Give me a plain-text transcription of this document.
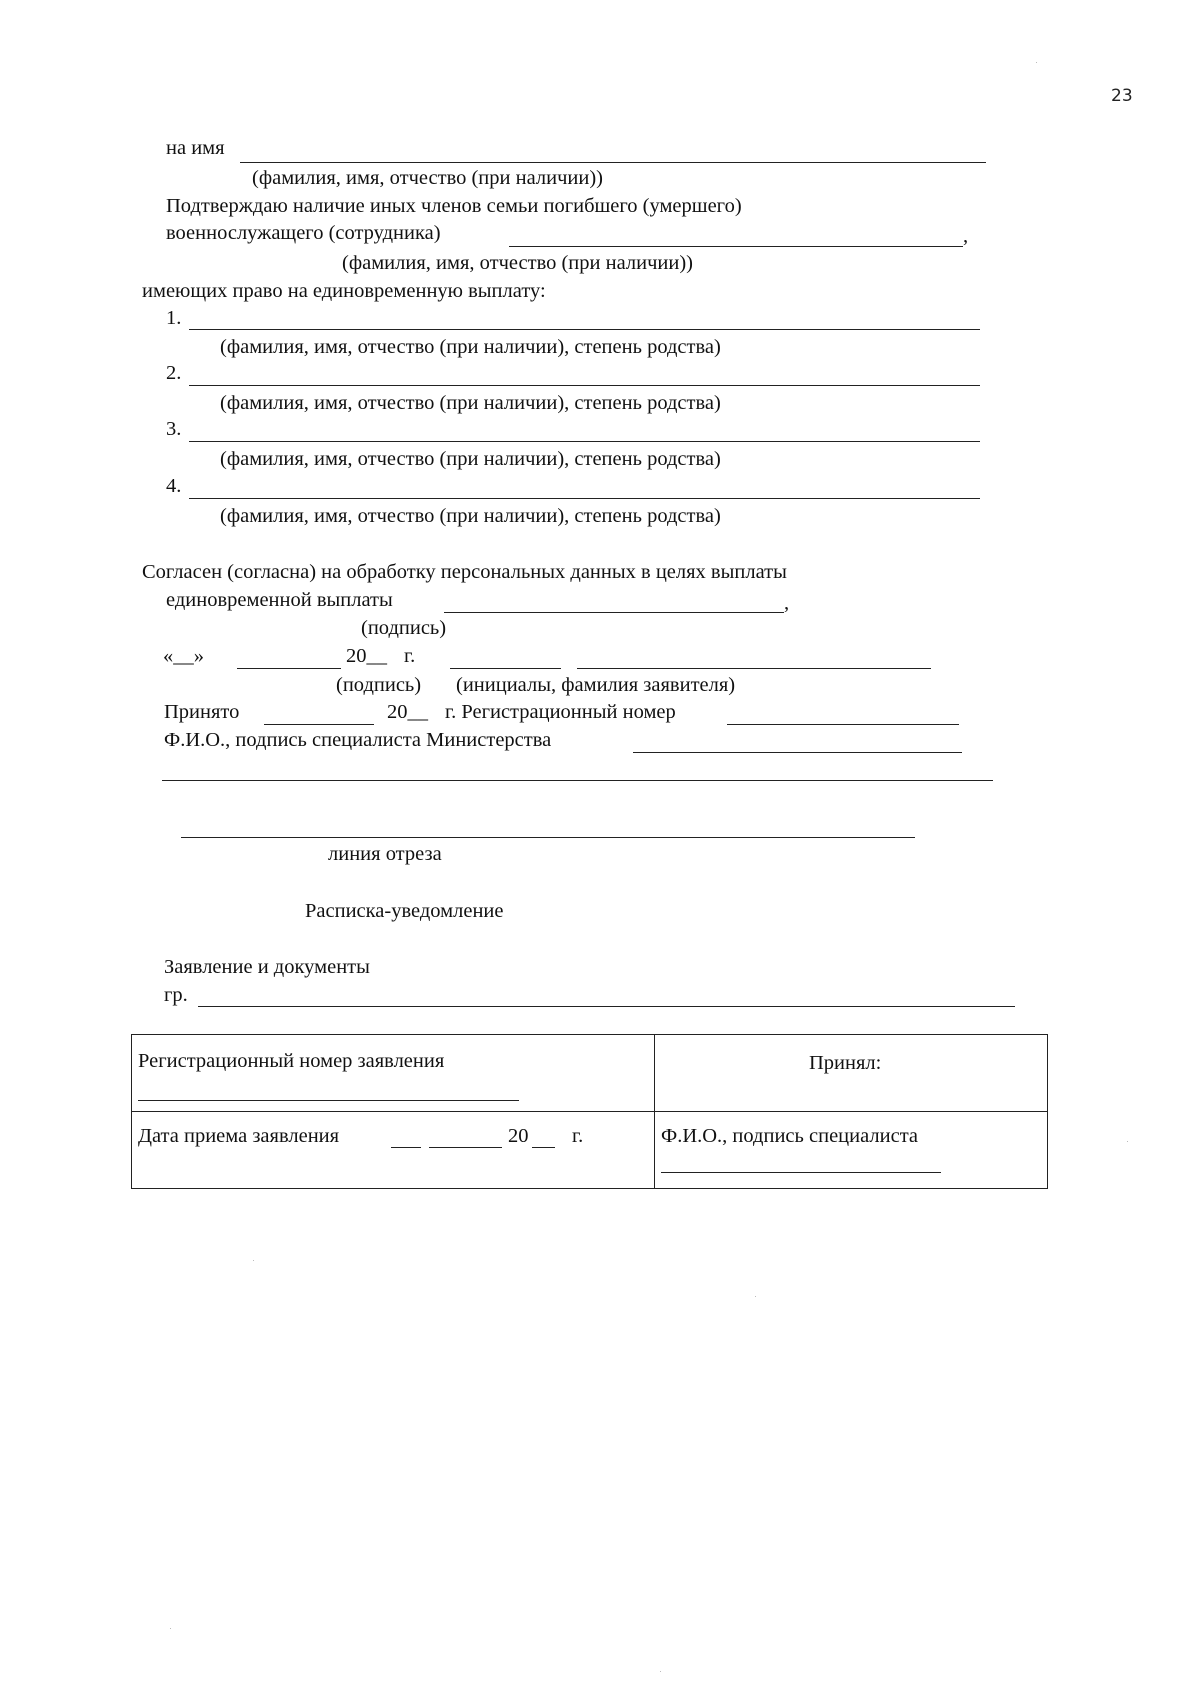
23
на имя
(фамилия, имя, отчество (при наличии))
Подтверждаю наличие иных членов семьи погибшего (умершего)
военнослужащего (сотрудника)	,
(фамилия, имя, отчество (при наличии))
имеющих право на единовременную выплату:
1.
(фамилия, имя, отчество (при наличии), степень родства)
2.
(фамилия, имя, отчество (при наличии), степень родства)
3.
(фамилия, имя, отчество (при наличии), степень родства)
4.
(фамилия, имя, отчество (при наличии), степень родства)
Согласен (согласна) на обработку персональных данных в целях выплаты
единовременной выплаты	,
(подпись)
«__»	20__ г.
(подпись) (инициалы, фамилия заявителя)
Принято	20__ г. Регистрационный номер
Ф.И.О., подпись специалиста Министерства
линия отреза
Расписка-уведомление
Заявление и документы
гр.
Регистрационный номер заявления	Принял:

Дата приема заявления 20 г.	Ф.И.О., подпись специалиста
